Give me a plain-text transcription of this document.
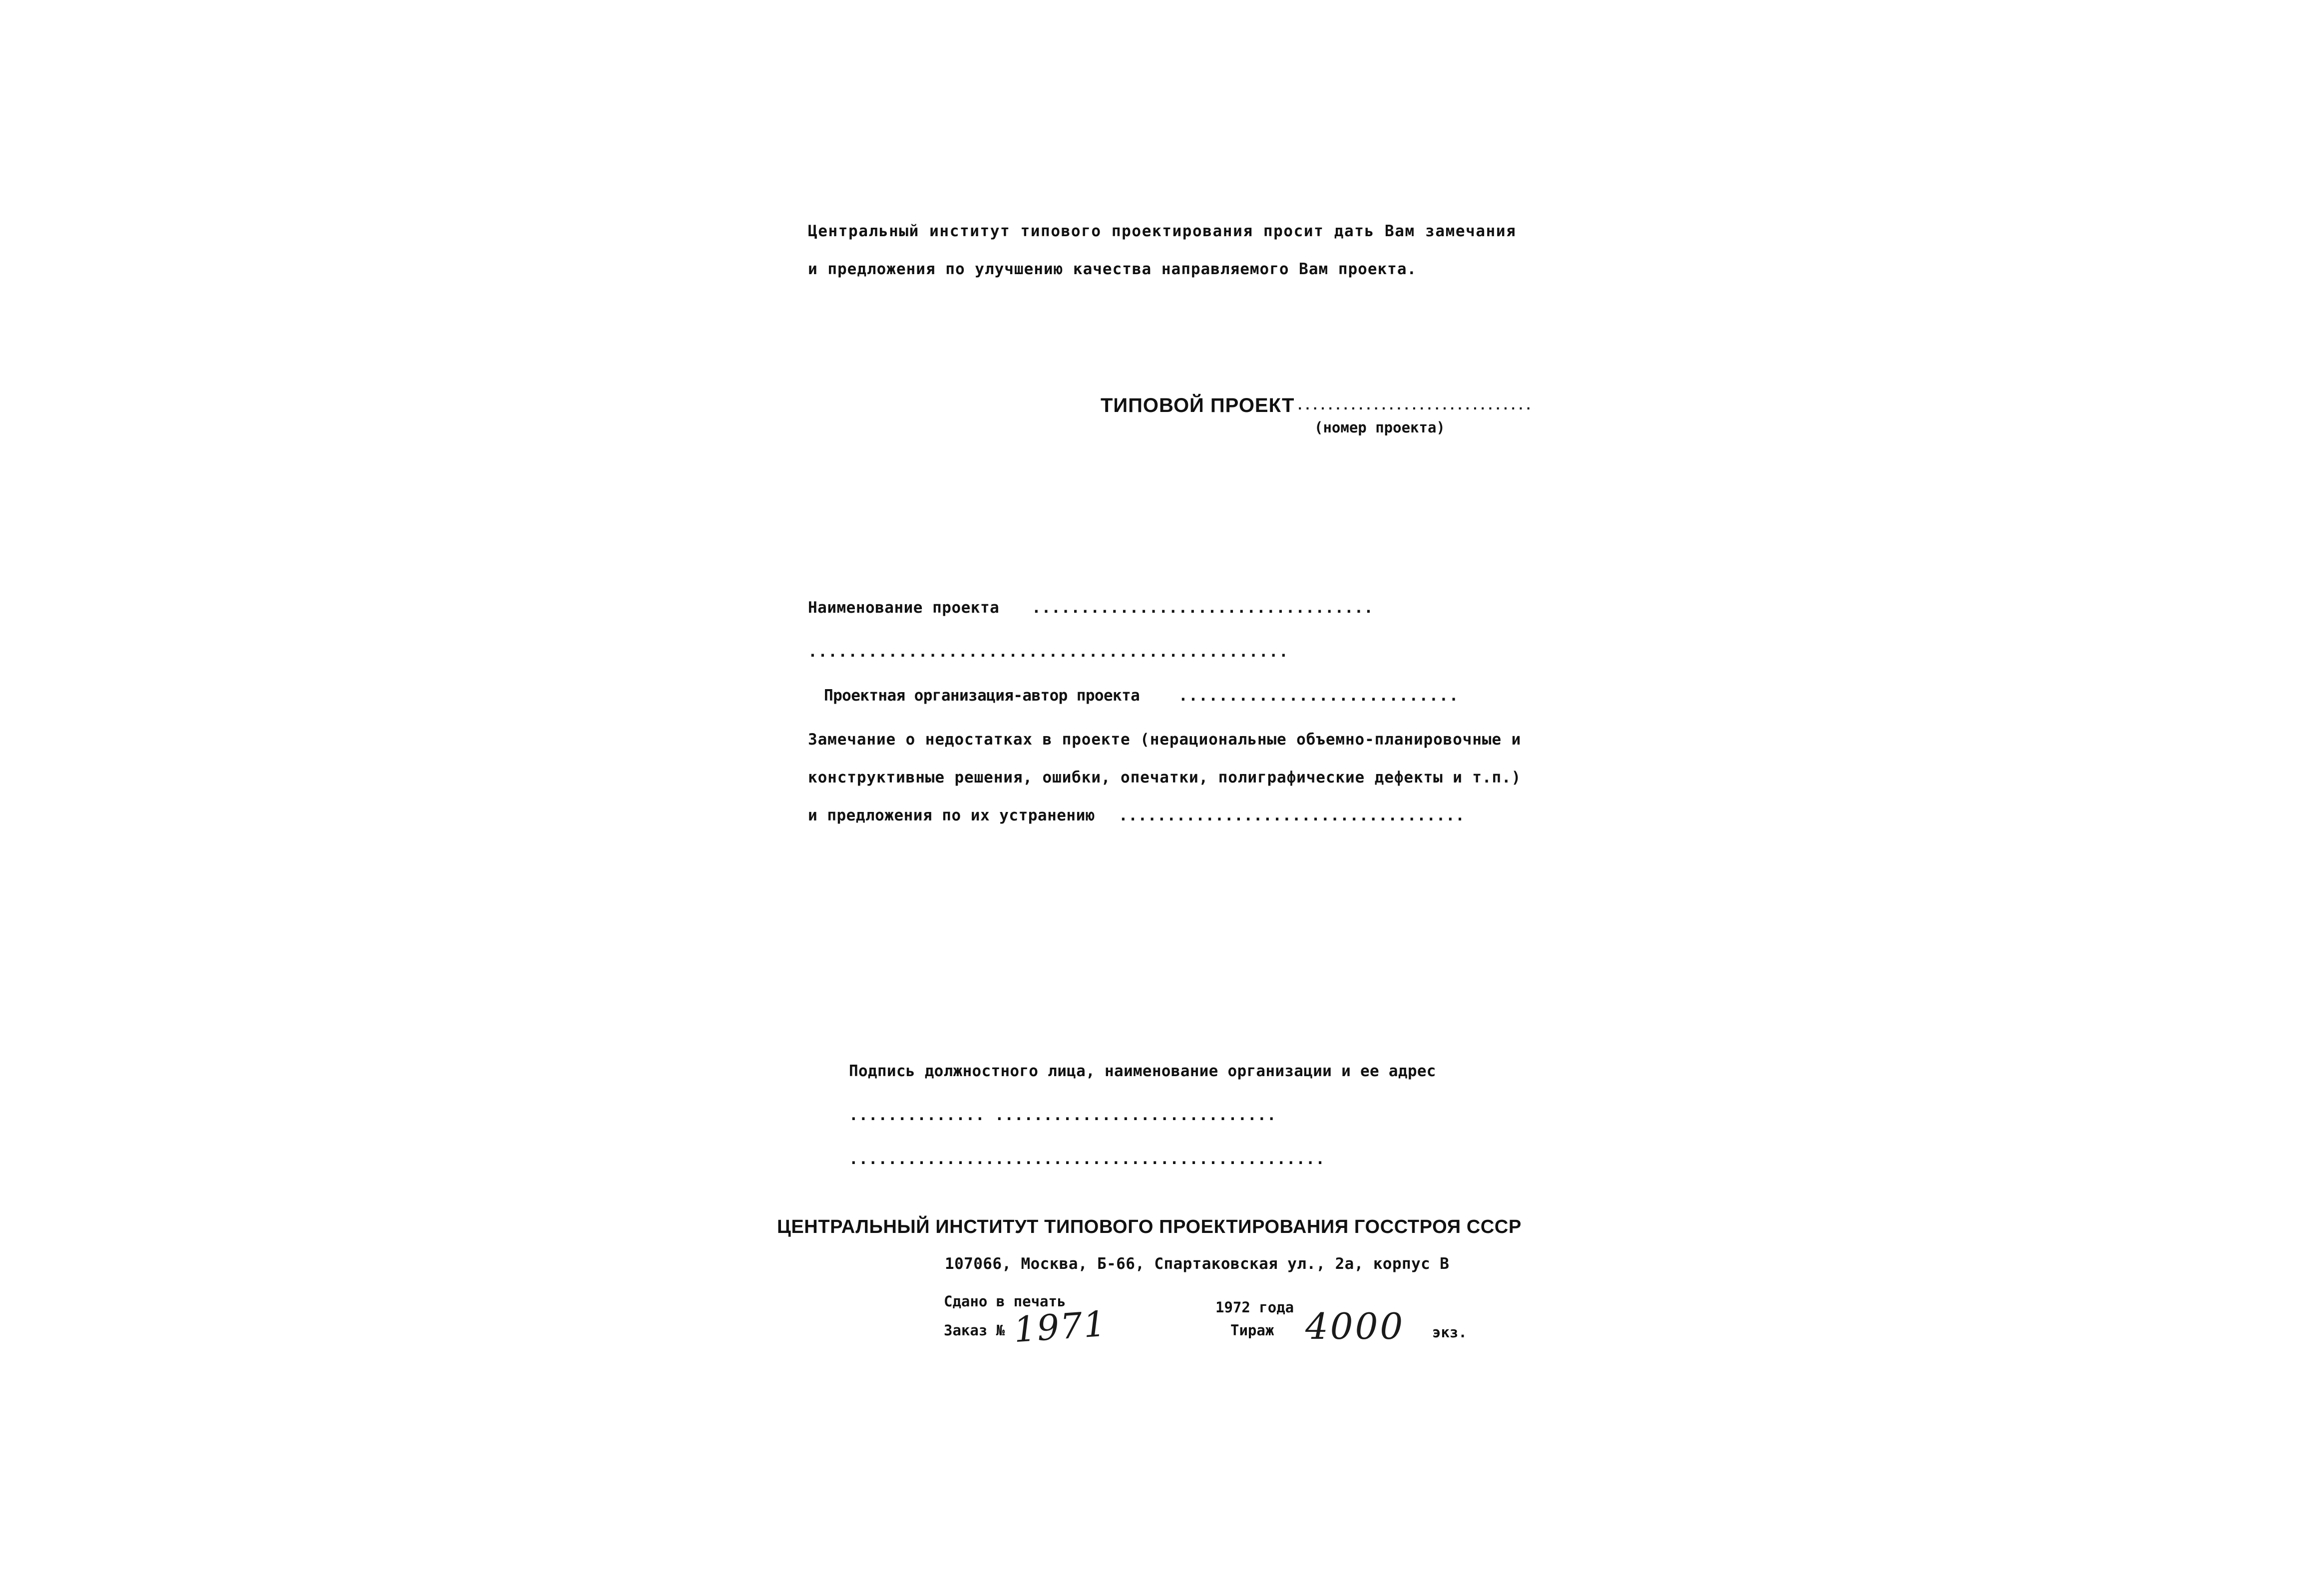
Центральный институт типового проектирования просит дать Вам замечания
и предложения по улучшению качества направляемого Вам проекта.
ТИПОВОЙ ПРОЕКТ ...............................
(номер проекта)
Наименование проекта ...................................
................................................
Проектная организация-автор проекта	............................
Замечание о недостатках в проекте (нерациональные объемно-планировочные и
конструктивные решения, ошибки, опечатки, полиграфические дефекты и т.п.)
и предложения по их устранению ....................................
Подпись должностного лица, наименование организации и ее адрес
.............. .............................
.................................................
ЦЕНТРАЛЬНЫЙ ИНСТИТУТ ТИПОВОГО ПРОЕКТИРОВАНИЯ ГОССТРОЯ СССР
107066, Москва, Б-66, Спартаковская ул., 2а, корпус В
Сдано в печать	1972 года
Заказ № 1971	Тираж 4000 экз.
